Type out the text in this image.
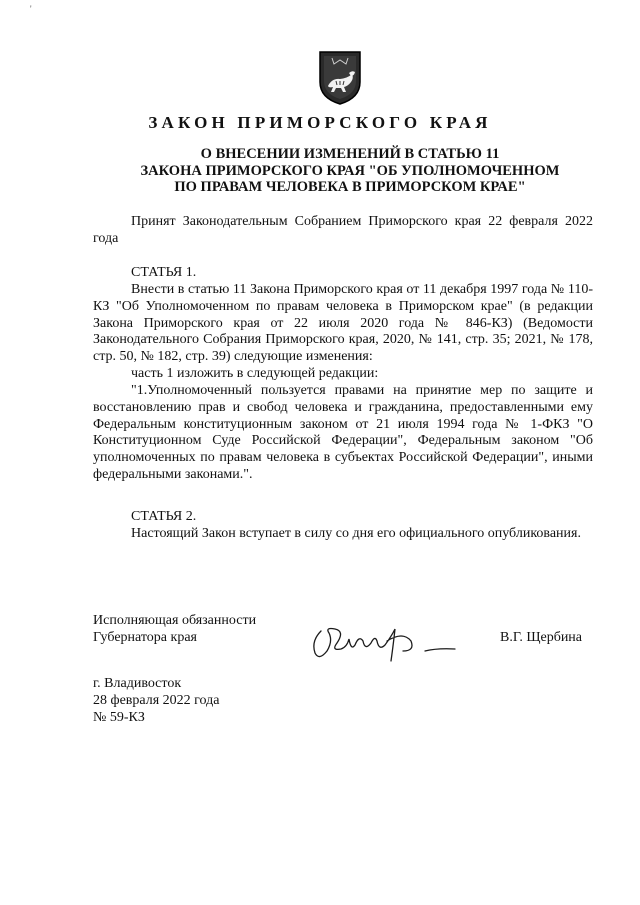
'
ЗАКОН ПРИМОРСКОГО КРАЯ
О ВНЕСЕНИИ ИЗМЕНЕНИЙ В СТАТЬЮ 11
ЗАКОНА ПРИМОРСКОГО КРАЯ "ОБ УПОЛНОМОЧЕННОМ
ПО ПРАВАМ ЧЕЛОВЕКА В ПРИМОРСКОМ КРАЕ"
Принят Законодательным Собранием Приморского края 22 февраля 2022 года
СТАТЬЯ 1.
Внести в статью 11 Закона Приморского края от 11 декабря 1997 года № 110-КЗ "Об Уполномоченном по правам человека в Приморском крае" (в редакции Закона Приморского края от 22 июля 2020 года № 846-КЗ) (Ведомости Законодательного Собрания Приморского края, 2020, № 141, стр. 35; 2021, № 178, стр. 50, № 182, стр. 39) следующие изменения:
часть 1 изложить в следующей редакции:
"1.Уполномоченный пользуется правами на принятие мер по защите и восстановлению прав и свобод человека и гражданина, предоставленными ему Федеральным конституционным законом от 21 июля 1994 года № 1-ФКЗ "О Конституционном Суде Российской Федерации", Федеральным законом "Об уполномоченных по правам человека в субъектах Российской Федерации", иными федеральными законами.".
СТАТЬЯ 2.
Настоящий Закон вступает в силу со дня его официального опубликования.
Исполняющая обязанности
Губернатора края	В.Г. Щербина
г. Владивосток
28 февраля 2022 года
№ 59-КЗ
